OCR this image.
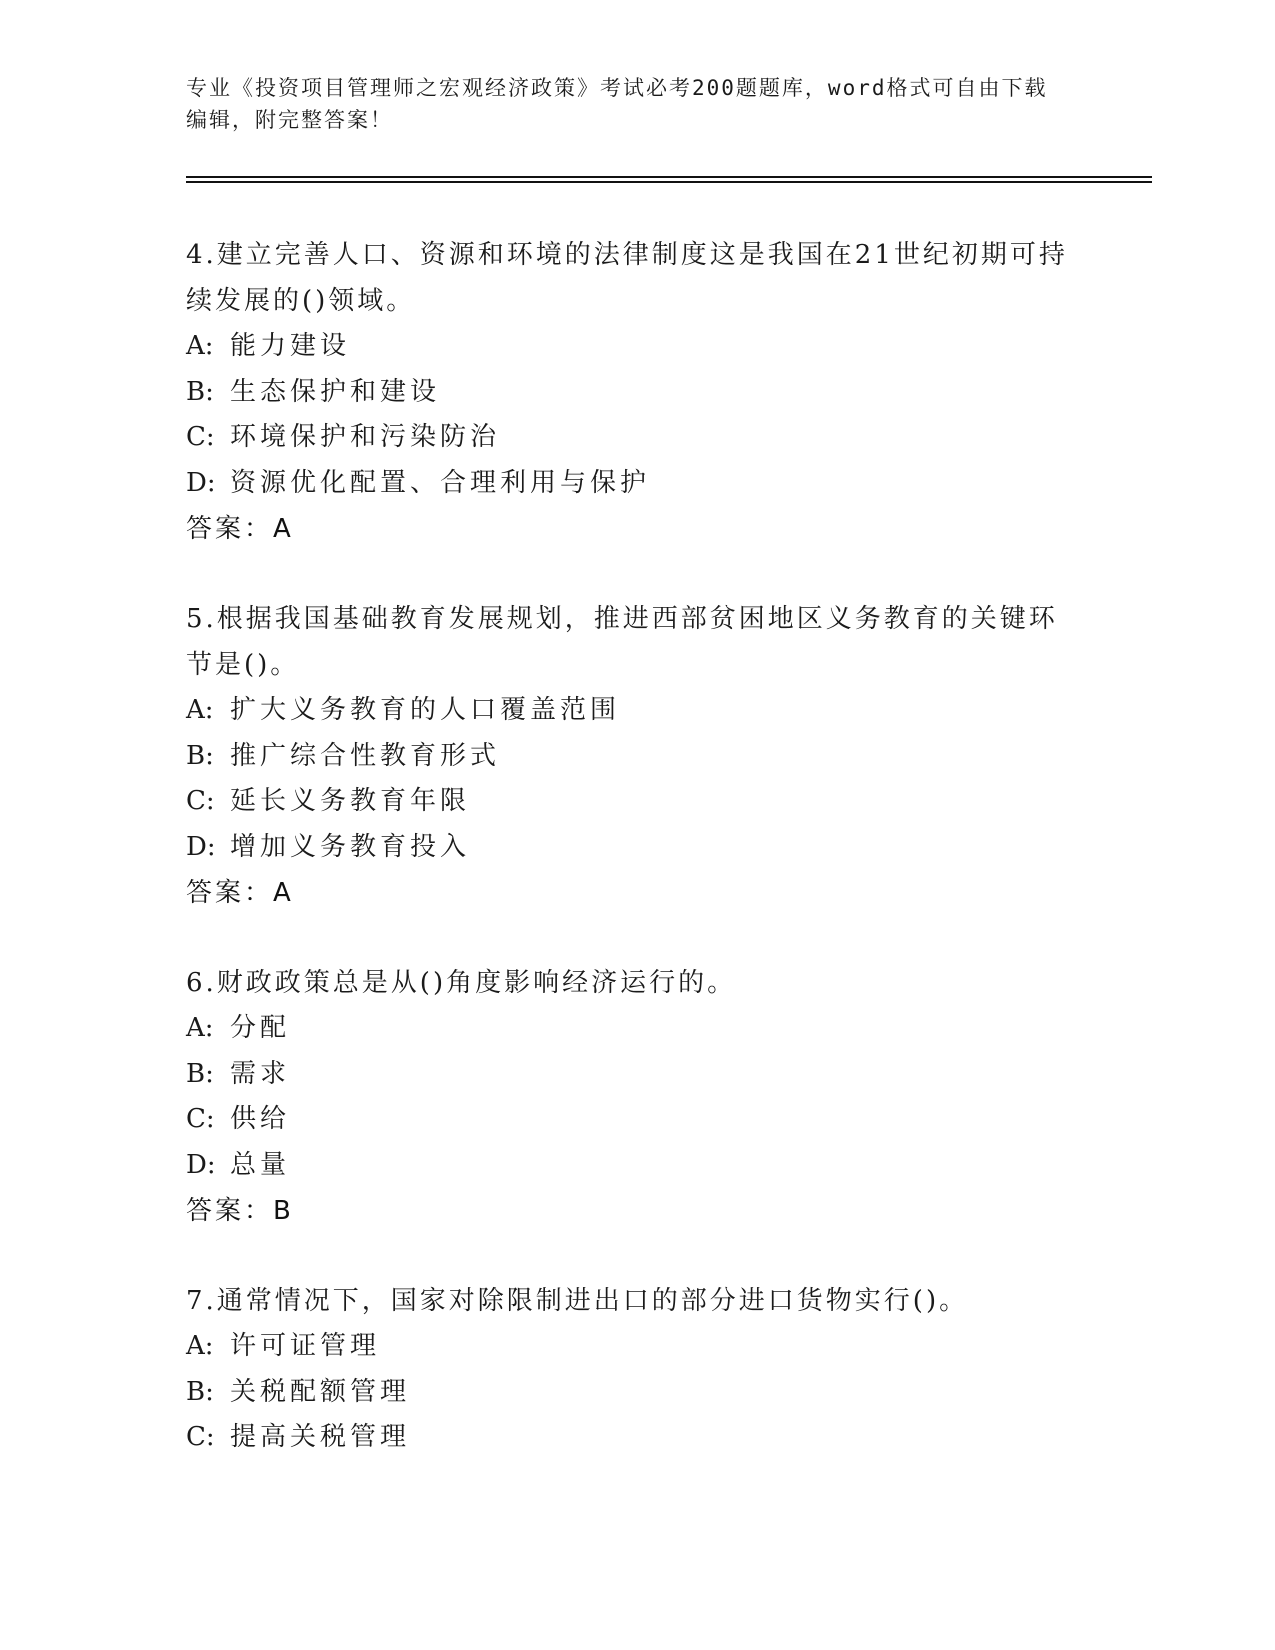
专业《投资项目管理师之宏观经济政策》考试必考200题题库，word格式可自由下载编辑，附完整答案！
4.建立完善人口、资源和环境的法律制度这是我国在21世纪初期可持续发展的()领域。
A: 能力建设
B: 生态保护和建设
C: 环境保护和污染防治
D: 资源优化配置、合理利用与保护
答案：A
5.根据我国基础教育发展规划，推进西部贫困地区义务教育的关键环节是()。
A: 扩大义务教育的人口覆盖范围
B: 推广综合性教育形式
C: 延长义务教育年限
D: 增加义务教育投入
答案：A
6.财政政策总是从()角度影响经济运行的。
A: 分配
B: 需求
C: 供给
D: 总量
答案：B
7.通常情况下，国家对除限制进出口的部分进口货物实行()。
A: 许可证管理
B: 关税配额管理
C: 提高关税管理
